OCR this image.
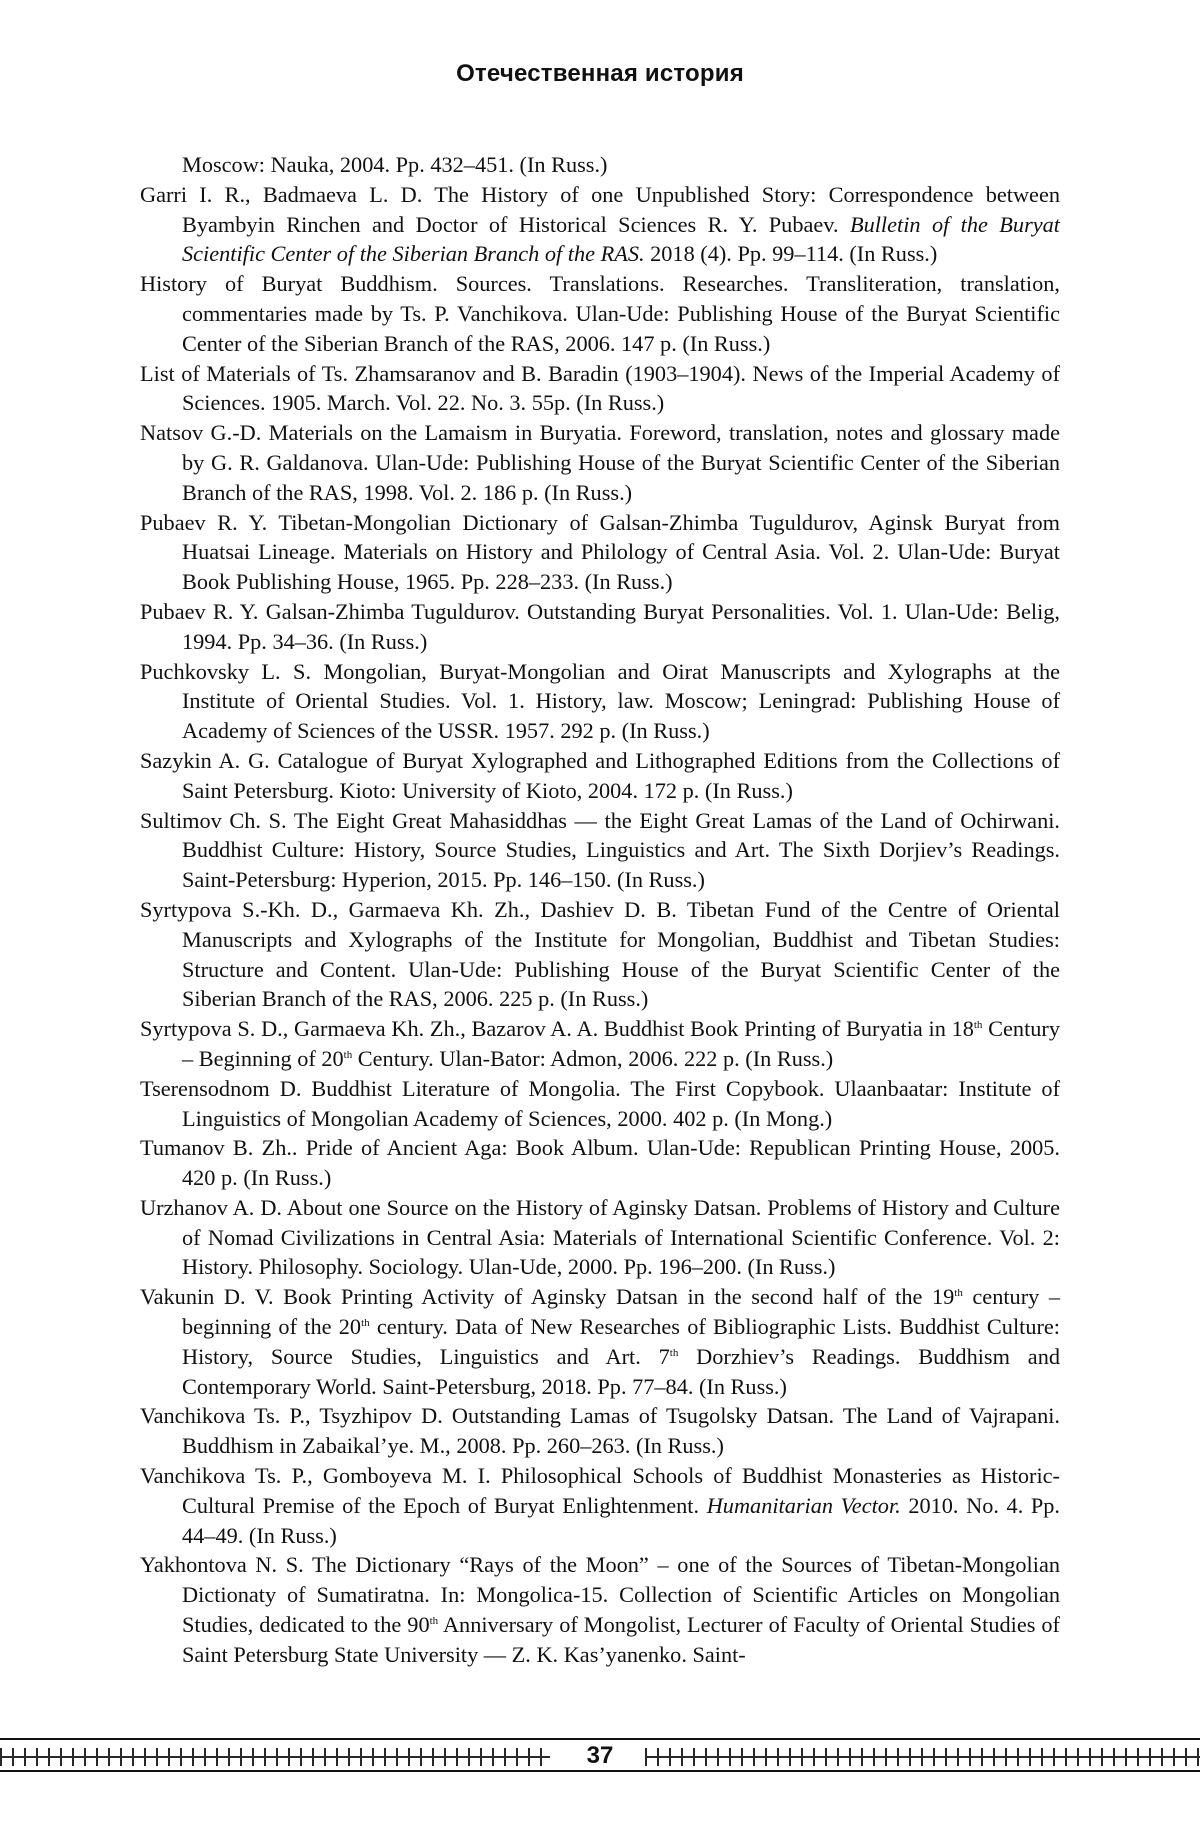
Отечественная история

Moscow: Nauka, 2004. Pp. 432–451. (In Russ.)

Garri I. R., Badmaeva L. D. The History of one Unpublished Story: Correspondence between Byambyin Rinchen and Doctor of Historical Sciences R. Y. Pubaev. Bulletin of the Buryat Scientific Center of the Siberian Branch of the RAS. 2018 (4). Pp. 99–114. (In Russ.)

History of Buryat Buddhism. Sources. Translations. Researches. Transliteration, translation, commentaries made by Ts. P. Vanchikova. Ulan-Ude: Publishing House of the Buryat Scientific Center of the Siberian Branch of the RAS, 2006. 147 p. (In Russ.)

List of Materials of Ts. Zhamsaranov and B. Baradin (1903–1904). News of the Imperial Academy of Sciences. 1905. March. Vol. 22. No. 3. 55p. (In Russ.)

Natsov G.-D. Materials on the Lamaism in Buryatia. Foreword, translation, notes and glossary made by G. R. Galdanova. Ulan-Ude: Publishing House of the Buryat Scientific Center of the Siberian Branch of the RAS, 1998. Vol. 2. 186 p. (In Russ.)

Pubaev R. Y. Tibetan-Mongolian Dictionary of Galsan-Zhimba Tuguldurov, Aginsk Buryat from Huatsai Lineage. Materials on History and Philology of Central Asia. Vol. 2. Ulan-Ude: Buryat Book Publishing House, 1965. Pp. 228–233. (In Russ.)

Pubaev R. Y. Galsan-Zhimba Tuguldurov. Outstanding Buryat Personalities. Vol. 1. Ulan-Ude: Belig, 1994. Pp. 34–36. (In Russ.)

Puchkovsky L. S. Mongolian, Buryat-Mongolian and Oirat Manuscripts and Xylographs at the Institute of Oriental Studies. Vol. 1. History, law. Moscow; Leningrad: Publishing House of Academy of Sciences of the USSR. 1957. 292 p. (In Russ.)

Sazykin A. G. Catalogue of Buryat Xylographed and Lithographed Editions from the Collections of Saint Petersburg. Kioto: University of Kioto, 2004. 172 p. (In Russ.)

Sultimov Ch. S. The Eight Great Mahasiddhas — the Eight Great Lamas of the Land of Ochirwani. Buddhist Culture: History, Source Studies, Linguistics and Art. The Sixth Dorjiev’s Readings. Saint-Petersburg: Hyperion, 2015. Pp. 146–150. (In Russ.)

Syrtypova S.-Kh. D., Garmaeva Kh. Zh., Dashiev D. B. Tibetan Fund of the Centre of Oriental Manuscripts and Xylographs of the Institute for Mongolian, Buddhist and Tibetan Studies: Structure and Content. Ulan-Ude: Publishing House of the Buryat Scientific Center of the Siberian Branch of the RAS, 2006. 225 p. (In Russ.)

Syrtypova S. D., Garmaeva Kh. Zh., Bazarov A. A. Buddhist Book Printing of Buryatia in 18th Century – Beginning of 20th Century. Ulan-Bator: Admon, 2006. 222 p. (In Russ.)

Tserensodnom D. Buddhist Literature of Mongolia. The First Copybook. Ulaanbaatar: Institute of Linguistics of Mongolian Academy of Sciences, 2000. 402 p. (In Mong.)

Tumanov B. Zh.. Pride of Ancient Aga: Book Album. Ulan-Ude: Republican Printing House, 2005. 420 p. (In Russ.)

Urzhanov A. D. About one Source on the History of Aginsky Datsan. Problems of History and Culture of Nomad Civilizations in Central Asia: Materials of International Scientific Conference. Vol. 2: History. Philosophy. Sociology. Ulan-Ude, 2000. Pp. 196–200. (In Russ.)

Vakunin D. V. Book Printing Activity of Aginsky Datsan in the second half of the 19th century – beginning of the 20th century. Data of New Researches of Bibliographic Lists. Buddhist Culture: History, Source Studies, Linguistics and Art. 7th Dorzhiev’s Readings. Buddhism and Contemporary World. Saint-Petersburg, 2018. Pp. 77–84. (In Russ.)

Vanchikova Ts. P., Tsyzhipov D. Outstanding Lamas of Tsugolsky Datsan. The Land of Vajrapani. Buddhism in Zabaikal’ye. M., 2008. Pp. 260–263. (In Russ.)

Vanchikova Ts. P., Gomboyeva M. I. Philosophical Schools of Buddhist Monasteries as Historic-Cultural Premise of the Epoch of Buryat Enlightenment. Humanitarian Vector. 2010. No. 4. Pp. 44–49. (In Russ.)

Yakhontova N. S. The Dictionary “Rays of the Moon” – one of the Sources of Tibetan-Mongolian Dictionaty of Sumatiratna. In: Mongolica-15. Collection of Scientific Articles on Mongolian Studies, dedicated to the 90th Anniversary of Mongolist, Lecturer of Faculty of Oriental Studies of Saint Petersburg State University — Z. K. Kas’yanenko. Saint-

37
